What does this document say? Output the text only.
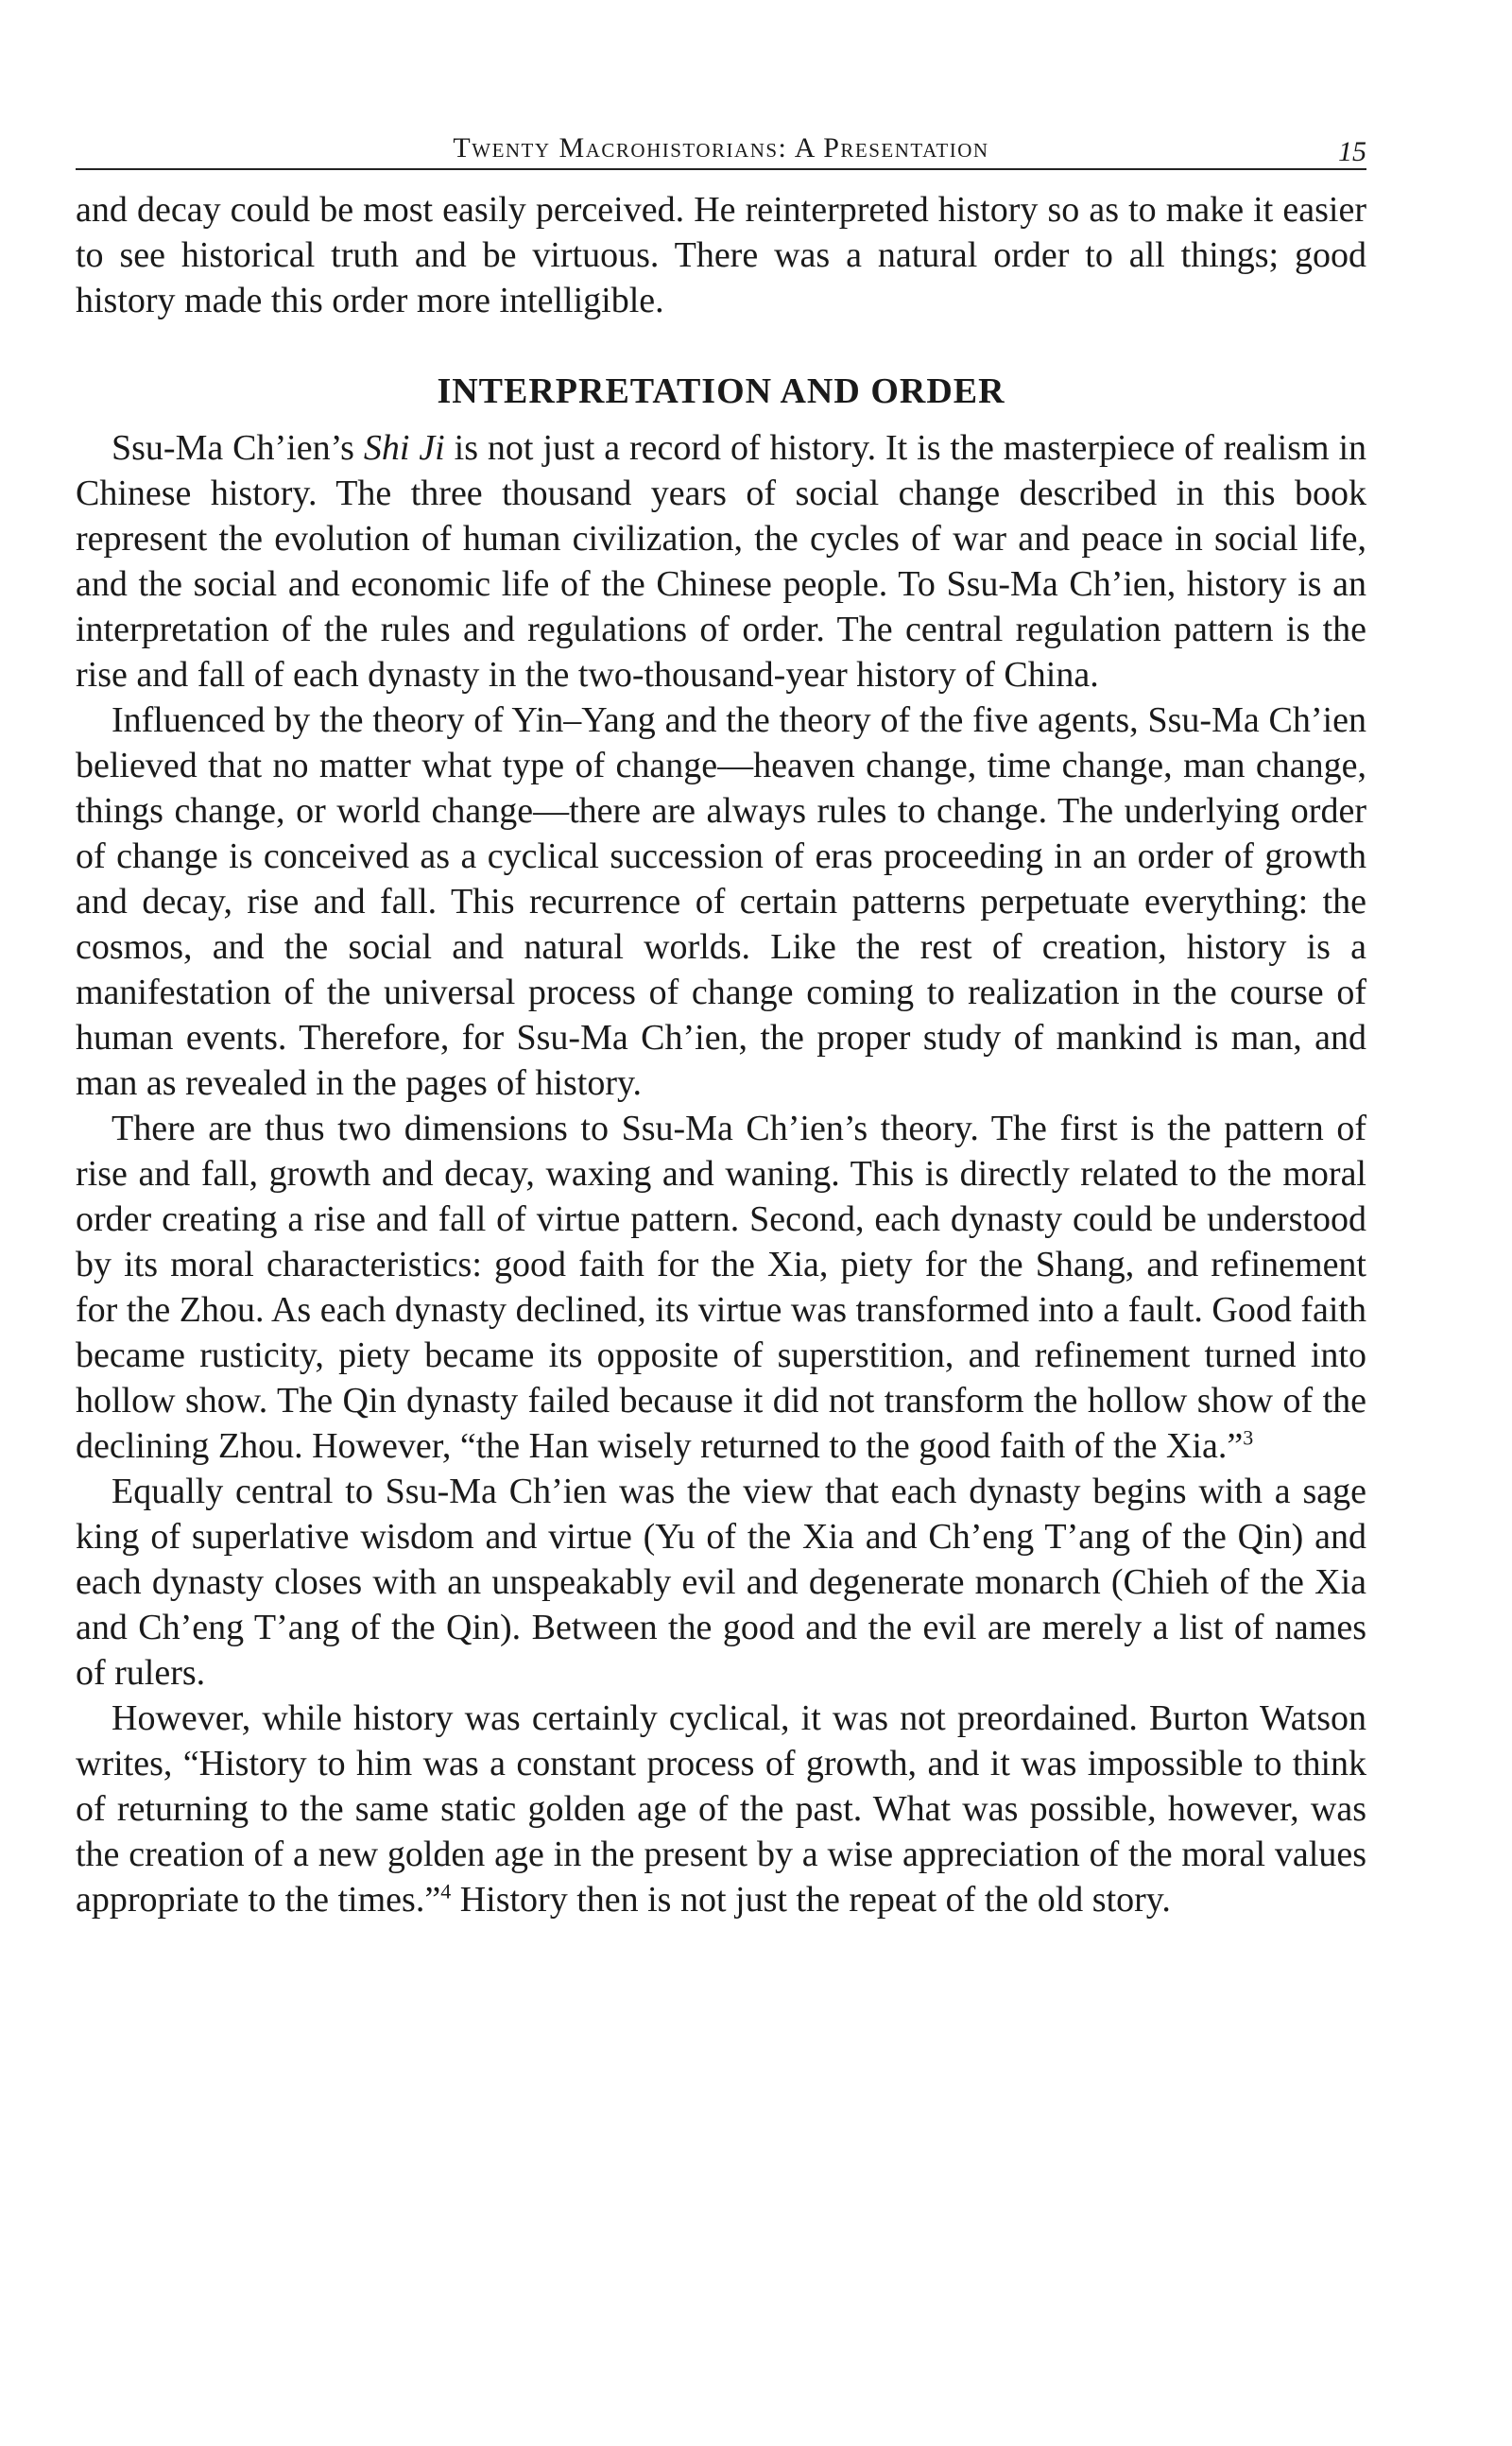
Twenty Macrohistorians: A Presentation	15

and decay could be most easily perceived. He reinterpreted history so as to make it easier to see historical truth and be virtuous. There was a natural order to all things; good history made this order more intelligible.

INTERPRETATION AND ORDER

Ssu-Ma Ch’ien’s Shi Ji is not just a record of history. It is the masterpiece of realism in Chinese history. The three thousand years of social change described in this book represent the evolution of human civilization, the cycles of war and peace in social life, and the social and economic life of the Chinese people. To Ssu-Ma Ch’ien, history is an interpretation of the rules and regulations of order. The central regulation pattern is the rise and fall of each dynasty in the two-thousand-year history of China.

Influenced by the theory of Yin–Yang and the theory of the five agents, Ssu-Ma Ch’ien believed that no matter what type of change—heaven change, time change, man change, things change, or world change—there are always rules to change. The underlying order of change is conceived as a cyclical succession of eras proceeding in an order of growth and decay, rise and fall. This recurrence of certain patterns perpetuate everything: the cosmos, and the social and natural worlds. Like the rest of creation, history is a manifestation of the universal process of change coming to realization in the course of human events. Therefore, for Ssu-Ma Ch’ien, the proper study of mankind is man, and man as revealed in the pages of history.

There are thus two dimensions to Ssu-Ma Ch’ien’s theory. The first is the pattern of rise and fall, growth and decay, waxing and waning. This is directly related to the moral order creating a rise and fall of virtue pattern. Second, each dynasty could be understood by its moral characteristics: good faith for the Xia, piety for the Shang, and refinement for the Zhou. As each dynasty declined, its virtue was transformed into a fault. Good faith became rusticity, piety became its opposite of superstition, and refinement turned into hollow show. The Qin dynasty failed because it did not transform the hollow show of the declining Zhou. However, “the Han wisely returned to the good faith of the Xia.”$^3$

Equally central to Ssu-Ma Ch’ien was the view that each dynasty begins with a sage king of superlative wisdom and virtue (Yu of the Xia and Ch’eng T’ang of the Qin) and each dynasty closes with an unspeakably evil and degenerate monarch (Chieh of the Xia and Ch’eng T’ang of the Qin). Between the good and the evil are merely a list of names of rulers.

However, while history was certainly cyclical, it was not preordained. Burton Watson writes, “History to him was a constant process of growth, and it was impossible to think of returning to the same static golden age of the past. What was possible, however, was the creation of a new golden age in the present by a wise appreciation of the moral values appropriate to the times.”$^4$ History then is not just the repeat of the old story.
